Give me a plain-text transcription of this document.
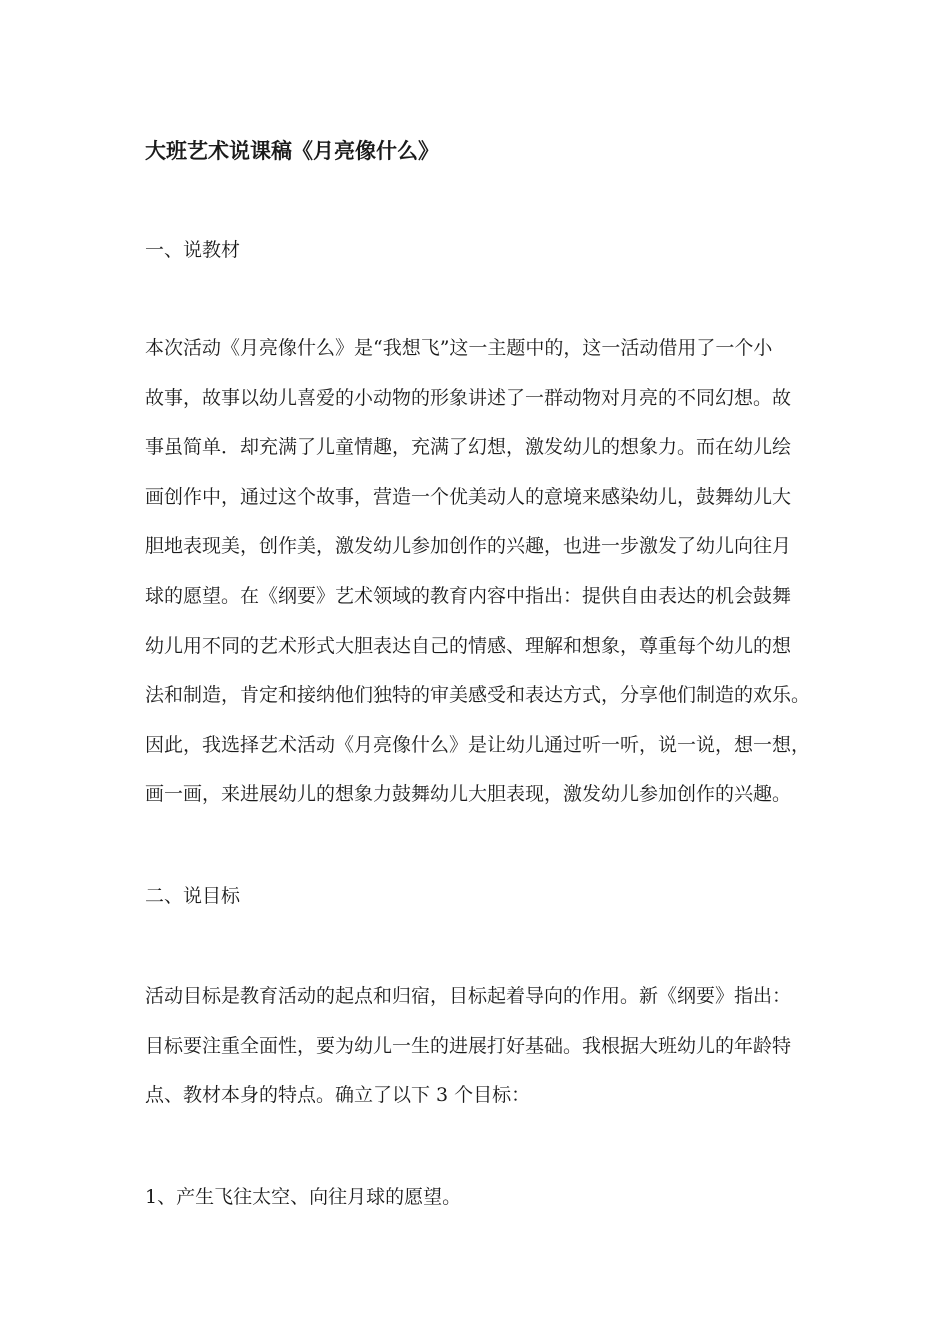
大班艺术说课稿《月亮像什么》
一、说教材
本次活动《月亮像什么》是“我想飞”这一主题中的，这一活动借用了一个小
故事，故事以幼儿喜爱的小动物的形象讲述了一群动物对月亮的不同幻想。故
事虽简单．却充满了儿童情趣，充满了幻想，激发幼儿的想象力。而在幼儿绘
画创作中，通过这个故事，营造一个优美动人的意境来感染幼儿，鼓舞幼儿大
胆地表现美，创作美，激发幼儿参加创作的兴趣，也进一步激发了幼儿向往月
球的愿望。在《纲要》艺术领域的教育内容中指出：提供自由表达的机会鼓舞
幼儿用不同的艺术形式大胆表达自己的情感、理解和想象，尊重每个幼儿的想
法和制造，肯定和接纳他们独特的审美感受和表达方式，分享他们制造的欢乐。
因此，我选择艺术活动《月亮像什么》是让幼儿通过听一听，说一说，想一想，
画一画，来进展幼儿的想象力鼓舞幼儿大胆表现，激发幼儿参加创作的兴趣。
二、说目标
活动目标是教育活动的起点和归宿，目标起着导向的作用。新《纲要》指出：
目标要注重全面性，要为幼儿一生的进展打好基础。我根据大班幼儿的年龄特
点、教材本身的特点。确立了以下 3 个目标：
1、产生飞往太空、向往月球的愿望。
